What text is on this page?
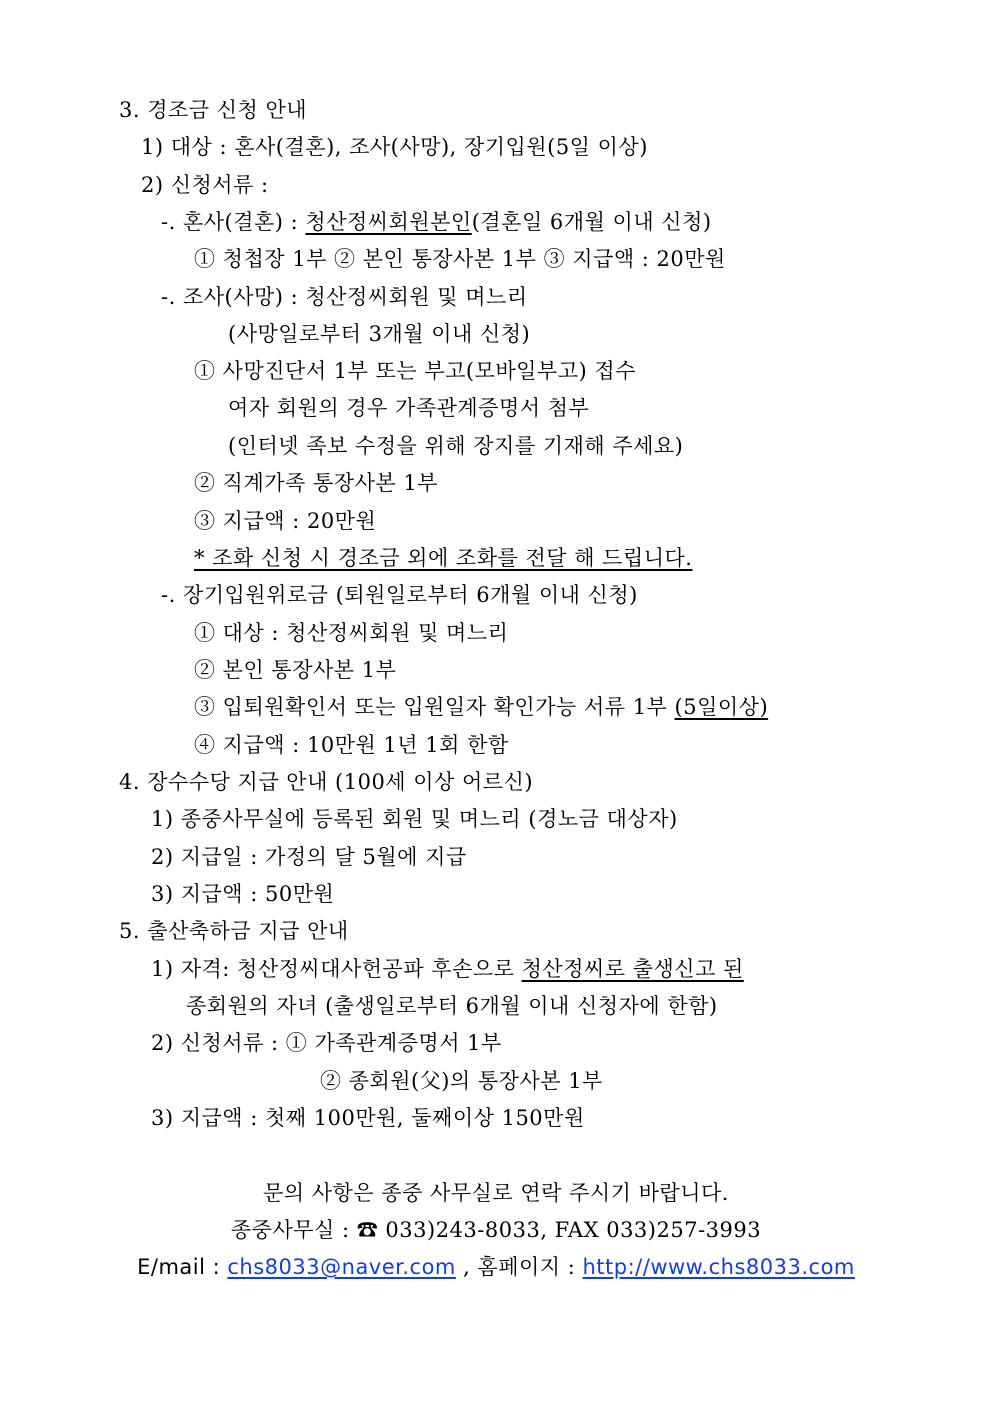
3. 경조금 신청 안내
1) 대상 : 혼사(결혼), 조사(사망), 장기입원(5일 이상)
2) 신청서류 :
-. 혼사(결혼) : 청산정씨회원본인(결혼일 6개월 이내 신청)
① 청첩장 1부 ② 본인 통장사본 1부 ③ 지급액 : 20만원
-. 조사(사망) : 청산정씨회원 및 며느리
(사망일로부터 3개월 이내 신청)
① 사망진단서 1부 또는 부고(모바일부고) 접수
여자 회원의 경우 가족관계증명서 첨부
(인터넷 족보 수정을 위해 장지를 기재해 주세요)
② 직계가족 통장사본 1부
③ 지급액 : 20만원
* 조화 신청 시 경조금 외에 조화를 전달 해 드립니다.
-. 장기입원위로금 (퇴원일로부터 6개월 이내 신청)
① 대상 : 청산정씨회원 및 며느리
② 본인 통장사본 1부
③ 입퇴원확인서 또는 입원일자 확인가능 서류 1부 (5일이상)
④ 지급액 : 10만원 1년 1회 한함
4. 장수수당 지급 안내 (100세 이상 어르신)
1) 종중사무실에 등록된 회원 및 며느리 (경노금 대상자)
2) 지급일 : 가정의 달 5월에 지급
3) 지급액 : 50만원
5. 출산축하금 지급 안내
1) 자격: 청산정씨대사헌공파 후손으로 청산정씨로 출생신고 된
종회원의 자녀 (출생일로부터 6개월 이내 신청자에 한함)
2) 신청서류 : ① 가족관계증명서 1부
② 종회원(父)의 통장사본 1부
3) 지급액 : 첫째 100만원, 둘째이상 150만원
문의 사항은 종중 사무실로 연락 주시기 바랍니다.
종중사무실 : ☎ 033)243-8033, FAX 033)257-3993
E/mail : chs8033@naver.com , 홈페이지 : http://www.chs8033.com
